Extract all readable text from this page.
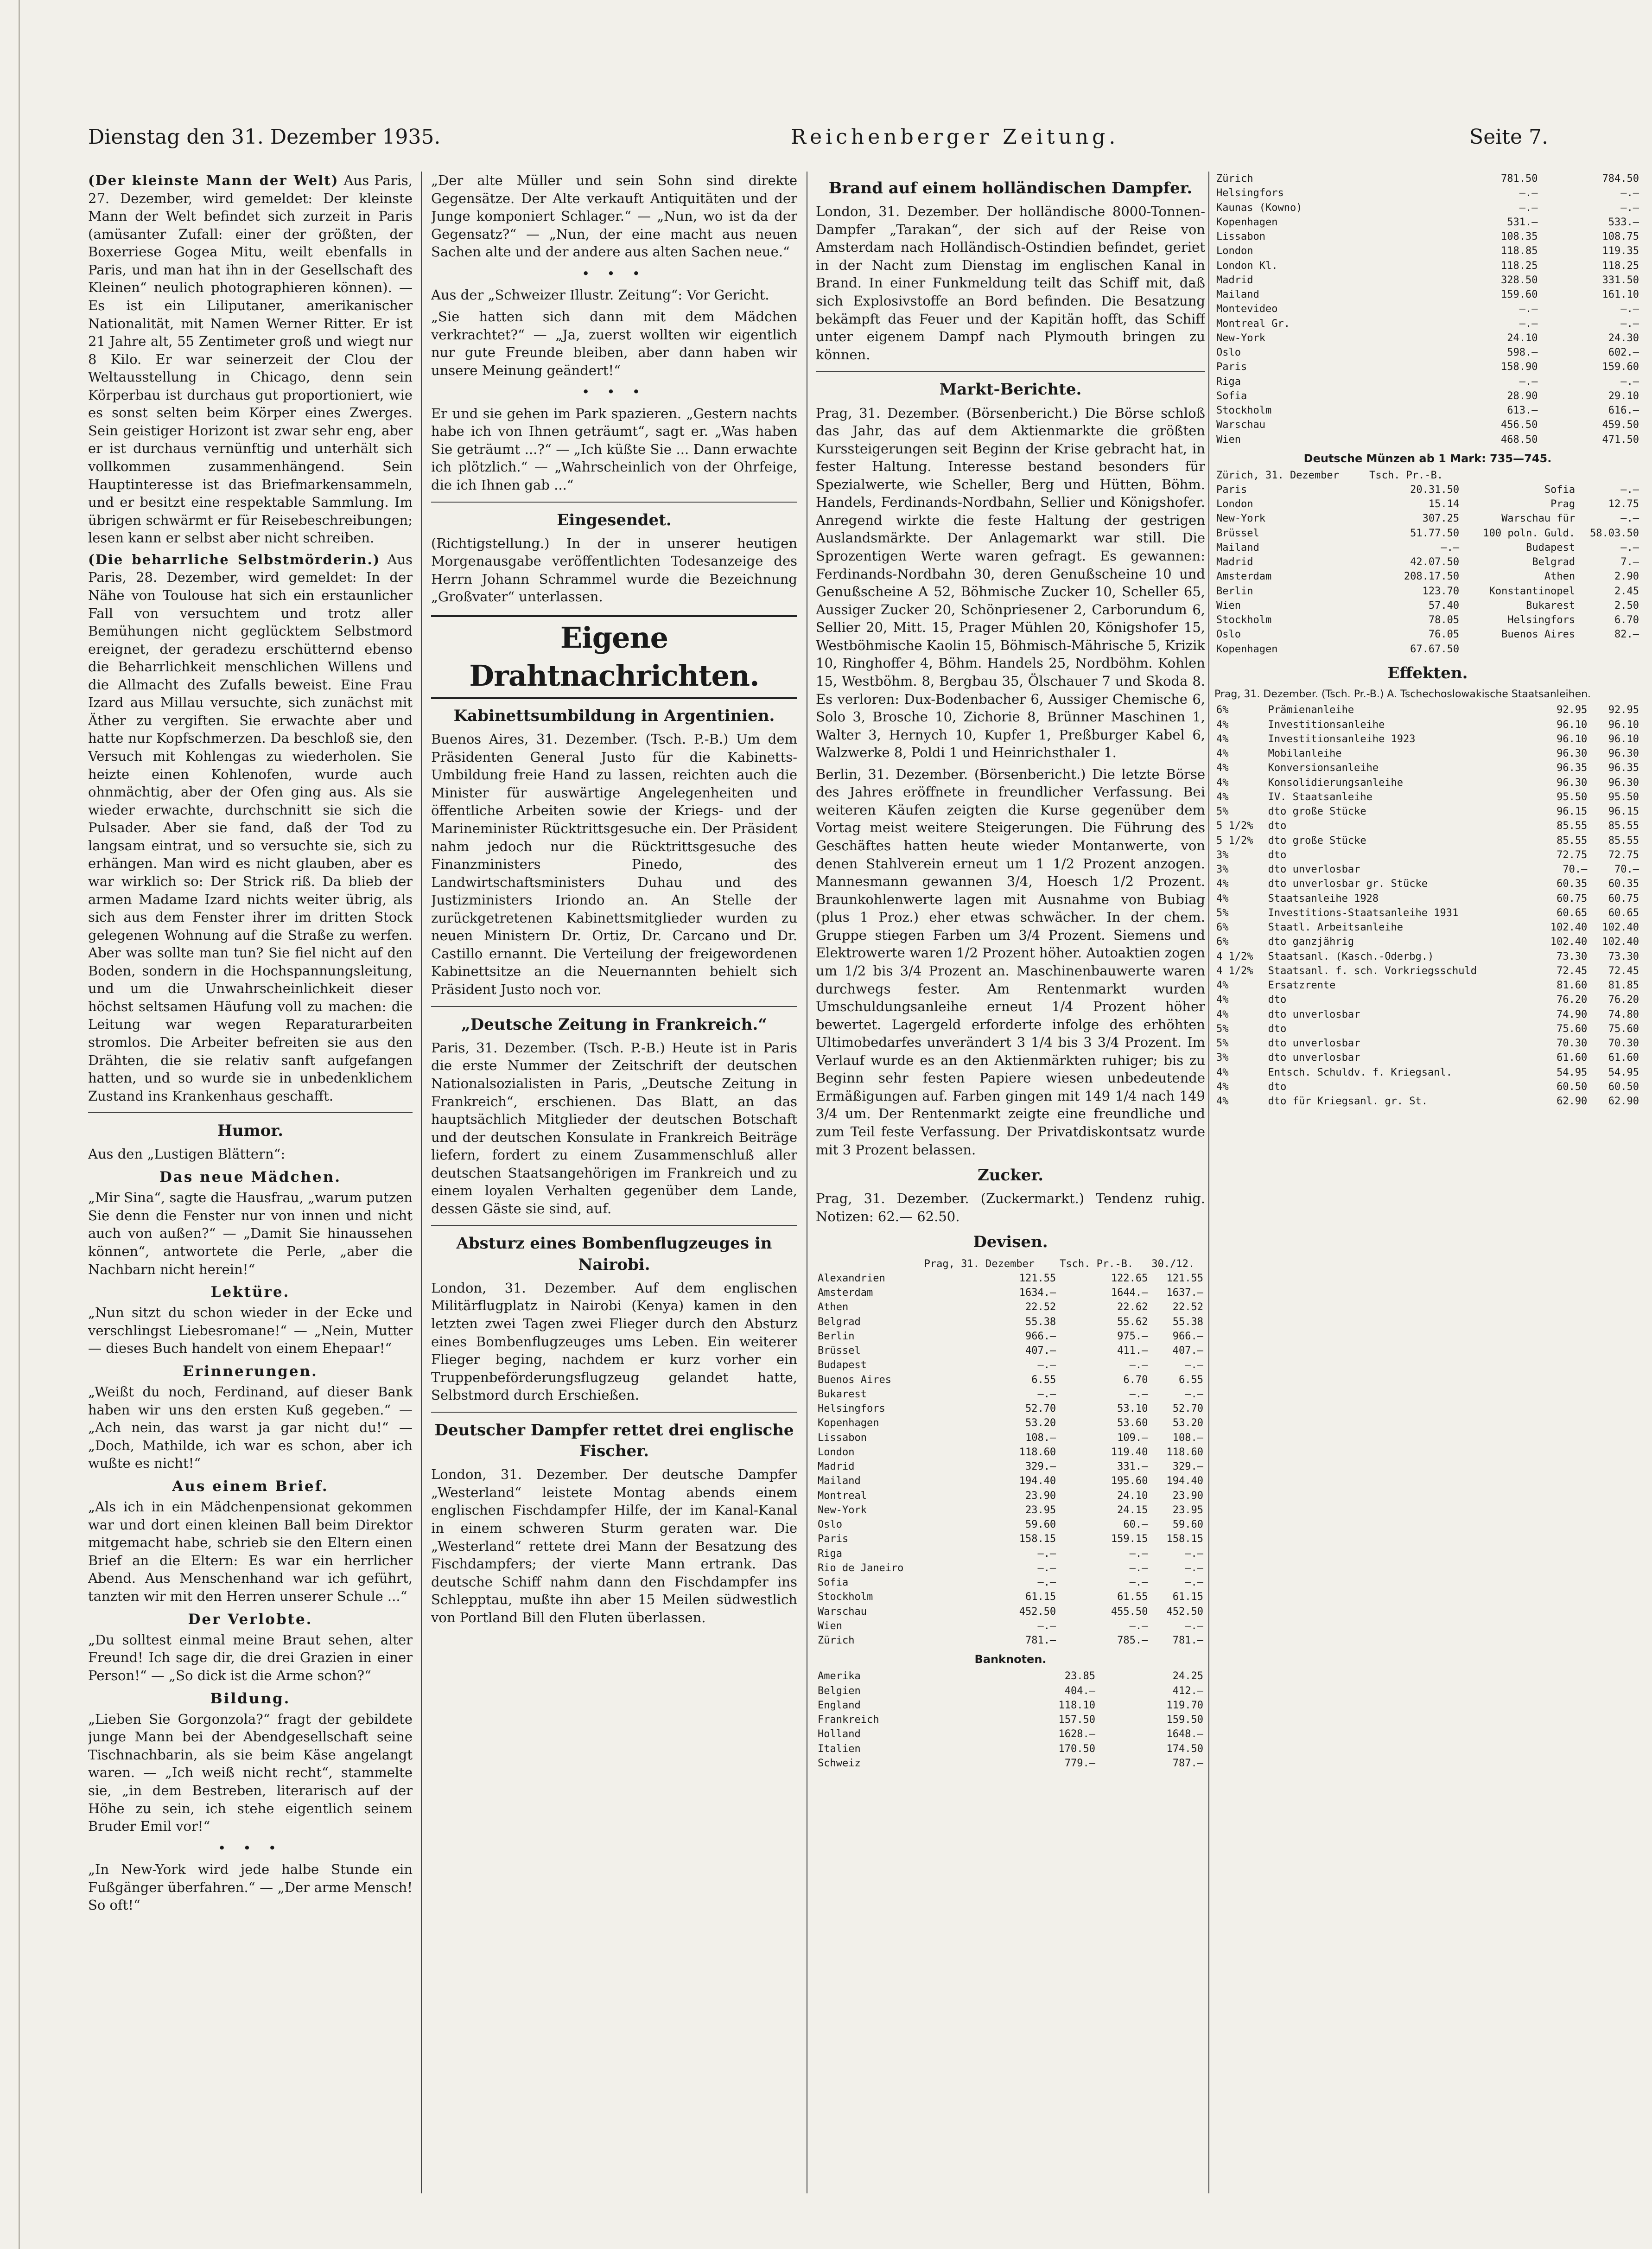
Dienstag den 31. Dezember 1935.	Reichenberger Zeitung.	Seite 7.

(Der kleinste Mann der Welt) Aus Paris, 27. Dezember, wird gemeldet: Der kleinste Mann der Welt befindet sich zurzeit in Paris (amüsanter Zufall: einer der größten, der Boxerriese Gogea Mitu, weilt ebenfalls in Paris, und man hat ihn in der Gesellschaft des Kleinen“ neulich photographieren können). — Es ist ein Liliputaner, amerikanischer Nationalität, mit Namen Werner Ritter. Er ist 21 Jahre alt, 55 Zentimeter groß und wiegt nur 8 Kilo. Er war seinerzeit der Clou der Weltausstellung in Chicago, denn sein Körperbau ist durchaus gut proportioniert, wie es sonst selten beim Körper eines Zwerges. Sein geistiger Horizont ist zwar sehr eng, aber er ist durchaus vernünftig und unterhält sich vollkommen zusammenhängend. Sein Hauptinteresse ist das Briefmarkensammeln, und er besitzt eine respektable Sammlung. Im übrigen schwärmt er für Reisebeschreibungen; lesen kann er selbst aber nicht schreiben.

(Die beharrliche Selbstmörderin.) Aus Paris, 28. Dezember, wird gemeldet: In der Nähe von Toulouse hat sich ein erstaunlicher Fall von versuchtem und trotz aller Bemühungen nicht geglücktem Selbstmord ereignet, der geradezu erschütternd ebenso die Beharrlichkeit menschlichen Willens und die Allmacht des Zufalls beweist. Eine Frau Izard aus Millau versuchte, sich zunächst mit Äther zu vergiften. Sie erwachte aber und hatte nur Kopfschmerzen. Da beschloß sie, den Versuch mit Kohlengas zu wiederholen. Sie heizte einen Kohlenofen, wurde auch ohnmächtig, aber der Ofen ging aus. Als sie wieder erwachte, durchschnitt sie sich die Pulsader. Aber sie fand, daß der Tod zu langsam eintrat, und so versuchte sie, sich zu erhängen. Man wird es nicht glauben, aber es war wirklich so: Der Strick riß. Da blieb der armen Madame Izard nichts weiter übrig, als sich aus dem Fenster ihrer im dritten Stock gelegenen Wohnung auf die Straße zu werfen. Aber was sollte man tun? Sie fiel nicht auf den Boden, sondern in die Hochspannungsleitung, und um die Unwahrscheinlichkeit dieser höchst seltsamen Häufung voll zu machen: die Leitung war wegen Reparaturarbeiten stromlos. Die Arbeiter befreiten sie aus den Drähten, die sie relativ sanft aufgefangen hatten, und so wurde sie in unbedenklichem Zustand ins Krankenhaus geschafft.

Humor.

Aus den „Lustigen Blättern“:

Das neue Mädchen.

„Mir Sina“, sagte die Hausfrau, „warum putzen Sie denn die Fenster nur von innen und nicht auch von außen?“ — „Damit Sie hinaussehen können“, antwortete die Perle, „aber die Nachbarn nicht herein!“

Lektüre.

„Nun sitzt du schon wieder in der Ecke und verschlingst Liebesromane!“ — „Nein, Mutter — dieses Buch handelt von einem Ehepaar!“

Erinnerungen.

„Weißt du noch, Ferdinand, auf dieser Bank haben wir uns den ersten Kuß gegeben.“ — „Ach nein, das warst ja gar nicht du!“ — „Doch, Mathilde, ich war es schon, aber ich wußte es nicht!“

Aus einem Brief.

„Als ich in ein Mädchenpensionat gekommen war und dort einen kleinen Ball beim Direktor mitgemacht habe, schrieb sie den Eltern einen Brief an die Eltern: Es war ein herrlicher Abend. Aus Menschenhand war ich geführt, tanzten wir mit den Herren unserer Schule ...“

Der Verlobte.

„Du solltest einmal meine Braut sehen, alter Freund! Ich sage dir, die drei Grazien in einer Person!“ — „So dick ist die Arme schon?“

Bildung.

„Lieben Sie Gorgonzola?“ fragt der gebildete junge Mann bei der Abendgesellschaft seine Tischnachbarin, als sie beim Käse angelangt waren. — „Ich weiß nicht recht“, stammelte sie, „in dem Bestreben, literarisch auf der Höhe zu sein, ich stehe eigentlich seinem Bruder Emil vor!“

• • •

„In New-York wird jede halbe Stunde ein Fußgänger überfahren.“ — „Der arme Mensch! So oft!“

„Der alte Müller und sein Sohn sind direkte Gegensätze. Der Alte verkauft Antiquitäten und der Junge komponiert Schlager.“ — „Nun, wo ist da der Gegensatz?“ — „Nun, der eine macht aus neuen Sachen alte und der andere aus alten Sachen neue.“

• • •

Aus der „Schweizer Illustr. Zeitung“: Vor Gericht.

„Sie hatten sich dann mit dem Mädchen verkrachtet?“ — „Ja, zuerst wollten wir eigentlich nur gute Freunde bleiben, aber dann haben wir unsere Meinung geändert!“

• • •

Er und sie gehen im Park spazieren. „Gestern nachts habe ich von Ihnen geträumt“, sagt er. „Was haben Sie geträumt ...?“ — „Ich küßte Sie ... Dann erwachte ich plötzlich.“ — „Wahrscheinlich von der Ohrfeige, die ich Ihnen gab ...“

Eingesendet.

(Richtigstellung.) In der in unserer heutigen Morgenausgabe veröffentlichten Todesanzeige des Herrn Johann Schrammel wurde die Bezeichnung „Großvater“ unterlassen.

Eigene Drahtnachrichten.
Kabinettsumbildung in Argentinien.

Buenos Aires, 31. Dezember. (Tsch. P.-B.) Um dem Präsidenten General Justo für die Kabinetts-Umbildung freie Hand zu lassen, reichten auch die Minister für auswärtige Angelegenheiten und öffentliche Arbeiten sowie der Kriegs- und der Marineminister Rücktrittsgesuche ein. Der Präsident nahm jedoch nur die Rücktrittsgesuche des Finanzministers Pinedo, des Landwirtschaftsministers Duhau und des Justizministers Iriondo an. An Stelle der zurückgetretenen Kabinettsmitglieder wurden zu neuen Ministern Dr. Ortiz, Dr. Carcano und Dr. Castillo ernannt. Die Verteilung der freigewordenen Kabinettsitze an die Neuernannten behielt sich Präsident Justo noch vor.

„Deutsche Zeitung in Frankreich.“

Paris, 31. Dezember. (Tsch. P.-B.) Heute ist in Paris die erste Nummer der Zeitschrift der deutschen Nationalsozialisten in Paris, „Deutsche Zeitung in Frankreich“, erschienen. Das Blatt, an das hauptsächlich Mitglieder der deutschen Botschaft und der deutschen Konsulate in Frankreich Beiträge liefern, fordert zu einem Zusammenschluß aller deutschen Staatsangehörigen im Frankreich und zu einem loyalen Verhalten gegenüber dem Lande, dessen Gäste sie sind, auf.

Absturz eines Bombenflugzeuges in Nairobi.

London, 31. Dezember. Auf dem englischen Militärflugplatz in Nairobi (Kenya) kamen in den letzten zwei Tagen zwei Flieger durch den Absturz eines Bombenflugzeuges ums Leben. Ein weiterer Flieger beging, nachdem er kurz vorher ein Truppenbeförderungsflugzeug gelandet hatte, Selbstmord durch Erschießen.

Deutscher Dampfer rettet drei englische Fischer.

London, 31. Dezember. Der deutsche Dampfer „Westerland“ leistete Montag abends einem englischen Fischdampfer Hilfe, der im Kanal-Kanal in einem schweren Sturm geraten war. Die „Westerland“ rettete drei Mann der Besatzung des Fischdampfers; der vierte Mann ertrank. Das deutsche Schiff nahm dann den Fischdampfer ins Schlepptau, mußte ihn aber 15 Meilen südwestlich von Portland Bill den Fluten überlassen.

Brand auf einem holländischen Dampfer.

London, 31. Dezember. Der holländische 8000-Tonnen-Dampfer „Tarakan“, der sich auf der Reise von Amsterdam nach Holländisch-Ostindien befindet, geriet in der Nacht zum Dienstag im englischen Kanal in Brand. In einer Funkmeldung teilt das Schiff mit, daß sich Explosivstoffe an Bord befinden. Die Besatzung bekämpft das Feuer und der Kapitän hofft, das Schiff unter eigenem Dampf nach Plymouth bringen zu können.

Markt-Berichte.

Prag, 31. Dezember. (Börsenbericht.) Die Börse schloß das Jahr, das auf dem Aktienmarkte die größten Kurssteigerungen seit Beginn der Krise gebracht hat, in fester Haltung. Interesse bestand besonders für Spezialwerte, wie Scheller, Berg und Hütten, Böhm. Handels, Ferdinands-Nordbahn, Sellier und Königshofer. Anregend wirkte die feste Haltung der gestrigen Auslandsmärkte. Der Anlagemarkt war still. Die Sprozentigen Werte waren gefragt. Es gewannen: Ferdinands-Nordbahn 30, deren Genußscheine 10 und Genußscheine A 52, Böhmische Zucker 10, Scheller 65, Aussiger Zucker 20, Schönpriesener 2, Carborundum 6, Sellier 20, Mitt. 15, Prager Mühlen 20, Königshofer 15, Westböhmische Kaolin 15, Böhmisch-Mährische 5, Krizik 10, Ringhoffer 4, Böhm. Handels 25, Nordböhm. Kohlen 15, Westböhm. 8, Bergbau 35, Ölschauer 7 und Skoda 8. Es verloren: Dux-Bodenbacher 6, Aussiger Chemische 6, Solo 3, Brosche 10, Zichorie 8, Brünner Maschinen 1, Walter 3, Hernych 10, Kupfer 1, Preßburger Kabel 6, Walzwerke 8, Poldi 1 und Heinrichsthaler 1.

Berlin, 31. Dezember. (Börsenbericht.) Die letzte Börse des Jahres eröffnete in freundlicher Verfassung. Bei weiteren Käufen zeigten die Kurse gegenüber dem Vortag meist weitere Steigerungen. Die Führung des Geschäftes hatten heute wieder Montanwerte, von denen Stahlverein erneut um 1 1/2 Prozent anzogen. Mannesmann gewannen 3/4, Hoesch 1/2 Prozent. Braunkohlenwerte lagen mit Ausnahme von Bubiag (plus 1 Proz.) eher etwas schwächer. In der chem. Gruppe stiegen Farben um 3/4 Prozent. Siemens und Elektrowerte waren 1/2 Prozent höher. Autoaktien zogen um 1/2 bis 3/4 Prozent an. Maschinenbauwerte waren durchwegs fester. Am Rentenmarkt wurden Umschuldungsanleihe erneut 1/4 Prozent höher bewertet. Lagergeld erforderte infolge des erhöhten Ultimobedarfes unverändert 3 1/4 bis 3 3/4 Prozent. Im Verlauf wurde es an den Aktienmärkten ruhiger; bis zu Beginn sehr festen Papiere wiesen unbedeutende Ermäßigungen auf. Farben gingen mit 149 1/4 nach 149 3/4 um. Der Rentenmarkt zeigte eine freundliche und zum Teil feste Verfassung. Der Privatdiskontsatz wurde mit 3 Prozent belassen.

Zucker.

Prag, 31. Dezember. (Zuckermarkt.) Tendenz ruhig. Notizen: 62.— 62.50.

Devisen.
	Prag, 31. Dezember	Tsch. Pr.-B.	30./12.
Alexandrien	121.55	122.65	121.55
Amsterdam	1634.—	1644.—	1637.—
Athen	22.52	22.62	22.52
Belgrad	55.38	55.62	55.38
Berlin	966.—	975.—	966.—
Brüssel	407.—	411.—	407.—
Budapest	—.—	—.—	—.—
Buenos Aires	6.55	6.70	6.55
Bukarest	—.—	—.—	—.—
Helsingfors	52.70	53.10	52.70
Kopenhagen	53.20	53.60	53.20
Lissabon	108.—	109.—	108.—
London	118.60	119.40	118.60
Madrid	329.—	331.—	329.—
Mailand	194.40	195.60	194.40
Montreal	23.90	24.10	23.90
New-York	23.95	24.15	23.95
Oslo	59.60	60.—	59.60
Paris	158.15	159.15	158.15
Riga	—.—	—.—	—.—
Rio de Janeiro	—.—	—.—	—.—
Sofia	—.—	—.—	—.—
Stockholm	61.15	61.55	61.15
Warschau	452.50	455.50	452.50
Wien	—.—	—.—	—.—
Zürich	781.—	785.—	781.—
Banknoten.
Amerika	23.85	24.25
Belgien	404.—	412.—
England	118.10	119.70
Frankreich	157.50	159.50
Holland	1628.—	1648.—
Italien	170.50	174.50
Schweiz	779.—	787.—
Zürich	781.50	784.50
Helsingfors	—.—	—.—
Kaunas (Kowno)	—.—	—.—
Kopenhagen	531.—	533.—
Lissabon	108.35	108.75
London	118.85	119.35
London Kl.	118.25	118.25
Madrid	328.50	331.50
Mailand	159.60	161.10
Montevideo	—.—	—.—
Montreal Gr.	—.—	—.—
New-York	24.10	24.30
Oslo	598.—	602.—
Paris	158.90	159.60
Riga	—.—	—.—
Sofia	28.90	29.10
Stockholm	613.—	616.—
Warschau	456.50	459.50
Wien	468.50	471.50
Deutsche Münzen ab 1 Mark: 735—745.
Zürich, 31. Dezember	Tsch. Pr.-B.		
Paris	20.31.50	Sofia	—.—
London	15.14	Prag	12.75
New-York	307.25	Warschau für	—.—
Brüssel	51.77.50	100 poln. Guld.	58.03.50
Mailand	—.—	Budapest	—.—
Madrid	42.07.50	Belgrad	7.—
Amsterdam	208.17.50	Athen	2.90
Berlin	123.70	Konstantinopel	2.45
Wien	57.40	Bukarest	2.50
Stockholm	78.05	Helsingfors	6.70
Oslo	76.05	Buenos Aires	82.—
Kopenhagen	67.67.50		
Effekten.
Prag, 31. Dezember. (Tsch. Pr.-B.) A. Tschechoslowakische Staatsanleihen.
6%	Prämienanleihe	92.95	92.95
4%	Investitionsanleihe	96.10	96.10
4%	Investitionsanleihe 1923	96.10	96.10
4%	Mobilanleihe	96.30	96.30
4%	Konversionsanleihe	96.35	96.35
4%	Konsolidierungsanleihe	96.30	96.30
4%	IV. Staatsanleihe	95.50	95.50
5%	dto große Stücke	96.15	96.15
5 1/2%	dto	85.55	85.55
5 1/2%	dto große Stücke	85.55	85.55
3%	dto	72.75	72.75
3%	dto unverlosbar	70.—	70.—
4%	dto unverlosbar gr. Stücke	60.35	60.35
4%	Staatsanleihe 1928	60.75	60.75
5%	Investitions-Staatsanleihe 1931	60.65	60.65
6%	Staatl. Arbeitsanleihe	102.40	102.40
6%	dto ganzjährig	102.40	102.40
4 1/2%	Staatsanl. (Kasch.-Oderbg.)	73.30	73.30
4 1/2%	Staatsanl. f. sch. Vorkriegsschuld	72.45	72.45
4%	Ersatzrente	81.60	81.85
4%	dto	76.20	76.20
4%	dto unverlosbar	74.90	74.80
5%	dto	75.60	75.60
5%	dto unverlosbar	70.30	70.30
3%	dto unverlosbar	61.60	61.60
4%	Entsch. Schuldv. f. Kriegsanl.	54.95	54.95
4%	dto	60.50	60.50
4%	dto für Kriegsanl. gr. St.	62.90	62.90
